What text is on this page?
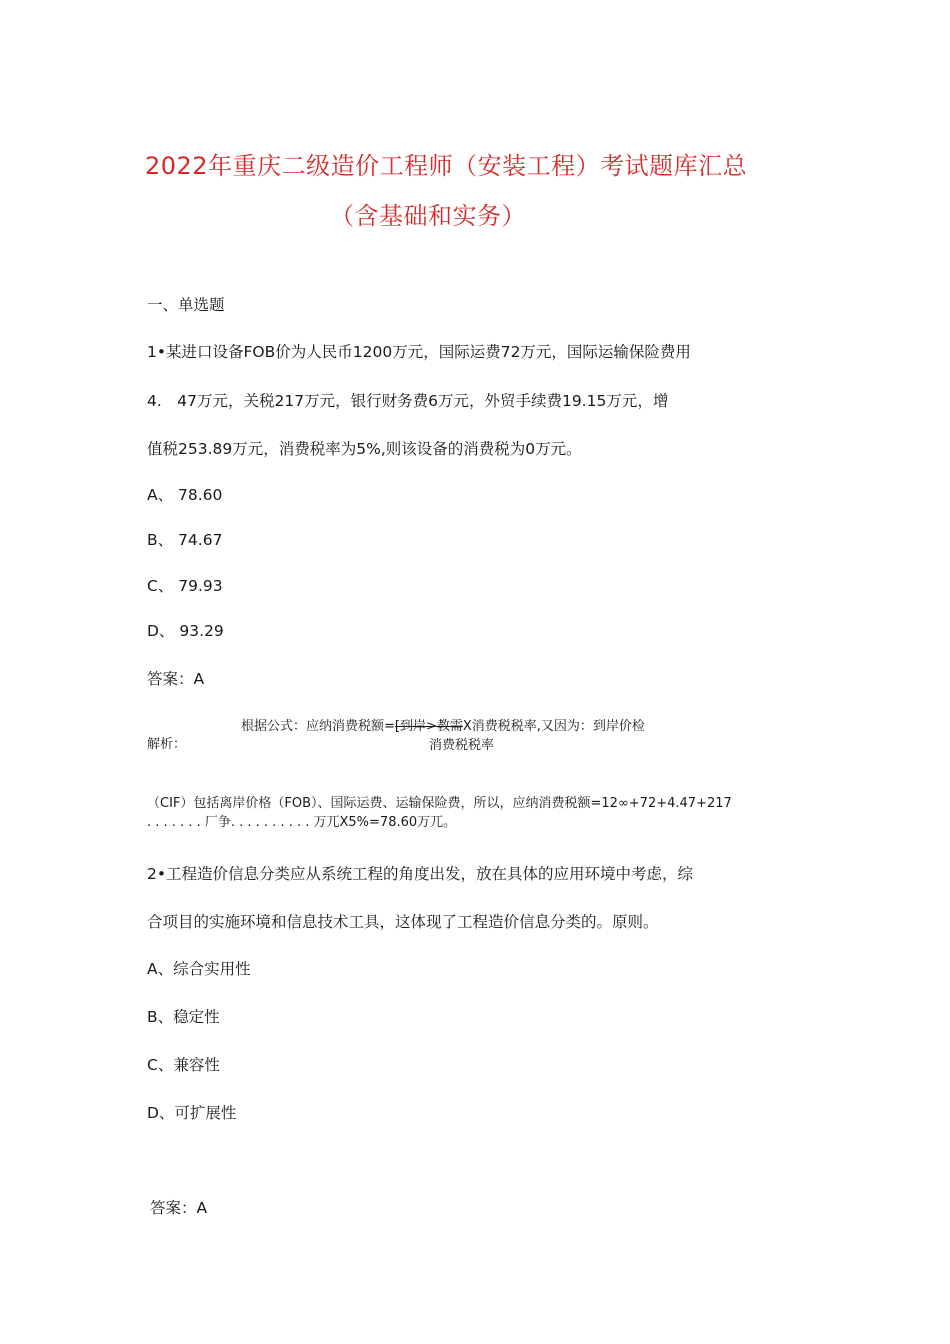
2022年重庆二级造价工程师（安装工程）考试题库汇总
（含基础和实务）
一、单选题
1•某进口设备FOB价为人民币1200万元，国际运费72万元，国际运输保险费用
4.　47万元，关税217万元，银行财务费6万元，外贸手续费19.15万元，增
值税253.89万元，消费税率为5%,则该设备的消费税为0万元。
A、 78.60
B、 74.67
C、 79.93
D、 93.29
答案：A
解析：
根据公式：应纳消费税额=[到岸>教需X消费税税率,又因为：到岸价检
消费税税率
（CIF）包括离岸价格（FOB）、国际运费、运输保险费，所以，应纳消费税额=12∞+72+4.47+217
. . . . . . . 厂争. . . . . . . . . . 万兀X5%=78.60万兀。
2•工程造价信息分类应从系统工程的角度出发，放在具体的应用环境中考虑，综
合项目的实施环境和信息技术工具，这体现了工程造价信息分类的。原则。
A、综合实用性
B、稳定性
C、兼容性
D、可扩展性
答案：A
